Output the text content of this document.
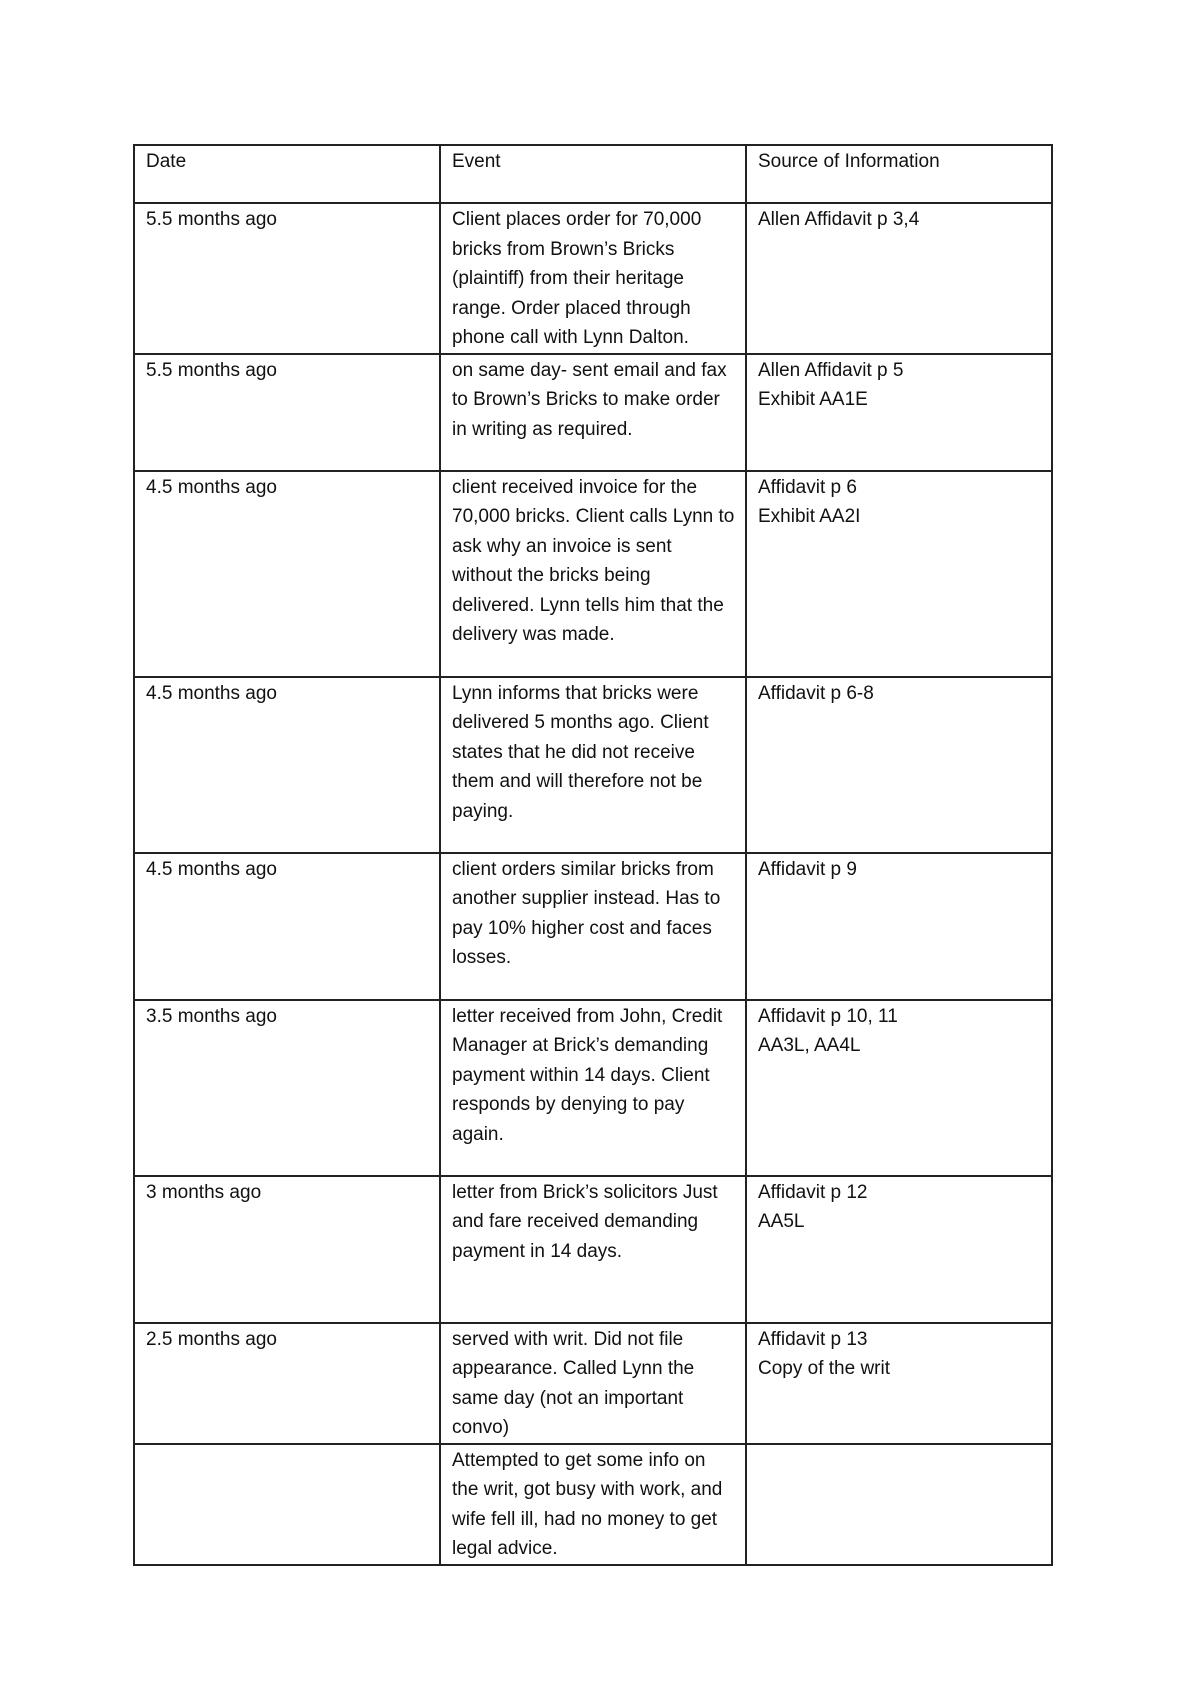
Date	Event	Source of Information
5.5 months ago	Client places order for 70,000 bricks from Brown’s Bricks (plaintiff) from their heritage range. Order placed through phone call with Lynn Dalton.	Allen Affidavit p 3,4
5.5 months ago	on same day- sent email and fax to Brown’s Bricks to make order in writing as required.	Allen Affidavit p 5
Exhibit AA1E
4.5 months ago	client received invoice for the 70,000 bricks. Client calls Lynn to ask why an invoice is sent without the bricks being delivered. Lynn tells him that the delivery was made.	Affidavit p 6
Exhibit AA2I
4.5 months ago	Lynn informs that bricks were delivered 5 months ago. Client states that he did not receive them and will therefore not be paying.	Affidavit p 6-8
4.5 months ago	client orders similar bricks from another supplier instead. Has to pay 10% higher cost and faces losses.	Affidavit p 9
3.5 months ago	letter received from John, Credit Manager at Brick’s demanding payment within 14 days. Client responds by denying to pay again.	Affidavit p 10, 11
AA3L, AA4L
3 months ago	letter from Brick’s solicitors Just and fare received demanding payment in 14 days.	Affidavit p 12
AA5L
2.5 months ago	served with writ. Did not file appearance. Called Lynn the same day (not an important convo)	Affidavit p 13
Copy of the writ
	Attempted to get some info on the writ, got busy with work, and wife fell ill, had no money to get legal advice.	
